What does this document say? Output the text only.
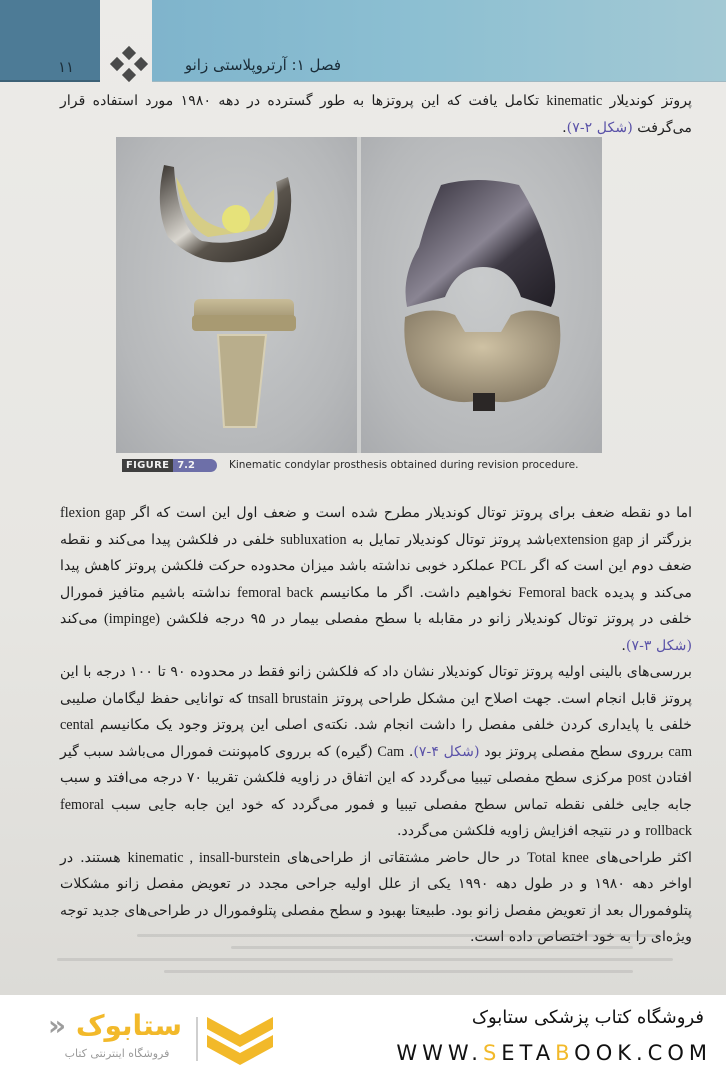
۱۱	فصل ۱: آرتروپلاستی زانو

پروتز کوندیلار kinematic تکامل یافت که این پروتزها به طور گسترده در دهه ۱۹۸۰ مورد استفاده قرار می‌گرفت (شکل ۲-۷).

FIGURE 7.2	Kinematic condylar prosthesis obtained during revision procedure.

اما دو نقطه ضعف برای پروتز توتال کوندیلار مطرح شده است و ضعف اول این است که اگر flexion gap بزرگتر از extension gapباشد پروتز توتال کوندیلار تمایل به subluxation خلفی در فلکشن پیدا می‌کند و نقطه ضعف دوم این است که اگر PCL عملکرد خوبی نداشته باشد میزان محدوده حرکت فلکشن پروتز کاهش پیدا می‌کند و پدیده Femoral back نخواهیم داشت. اگر ما مکانیسم femoral back نداشته باشیم متافیز فمورال خلفی در پروتز توتال کوندیلار زانو در مقابله با سطح مفصلی بیمار در ۹۵ درجه فلکشن (impinge) می‌کند (شکل ۳-۷).

بررسی‌های بالینی اولیه پروتز توتال کوندیلار نشان داد که فلکشن زانو فقط در محدوده ۹۰ تا ۱۰۰ درجه با این پروتز قابل انجام است. جهت اصلاح این مشکل طراحی پروتز tnsall brustain که توانایی حفظ لیگامان صلیبی خلفی یا پایداری کردن خلفی مفصل را داشت انجام شد. نکته‌ی اصلی این پروتز وجود یک مکانیسم cental cam برروی سطح مفصلی پروتز بود (شکل ۴-۷). Cam (گیره) که برروی کامپوننت فمورال می‌باشد سبب گیر افتادن post مرکزی سطح مفصلی تیبیا می‌گردد که این اتفاق در زاویه فلکشن تقریبا ۷۰ درجه می‌افتد و سبب جابه جایی خلفی نقطه تماس سطح مفصلی تیبیا و فمور می‌گردد که خود این جابه جایی سبب femoral rollback و در نتیجه افزایش زاویه فلکشن می‌گردد.

اکثر طراحی‌های Total knee در حال حاضر مشتقاتی از طراحی‌های kinematic , insall-burstein هستند. در اواخر دهه ۱۹۸۰ و در طول دهه ۱۹۹۰ یکی از علل اولیه جراحی مجدد در تعویض مفصل زانو مشکلات پتلوفمورال بعد از تعویض مفصل زانو بود. طبیعتا بهبود و سطح مفصلی پتلوفمورال در طراحی‌های جدید توجه ویژه‌ای را به خود اختصاص داده است.

فروشگاه کتاب پزشکی ستابوک
WWW.SETABOOK.COM
ستابوک «
فروشگاه اینترنتی کتاب
